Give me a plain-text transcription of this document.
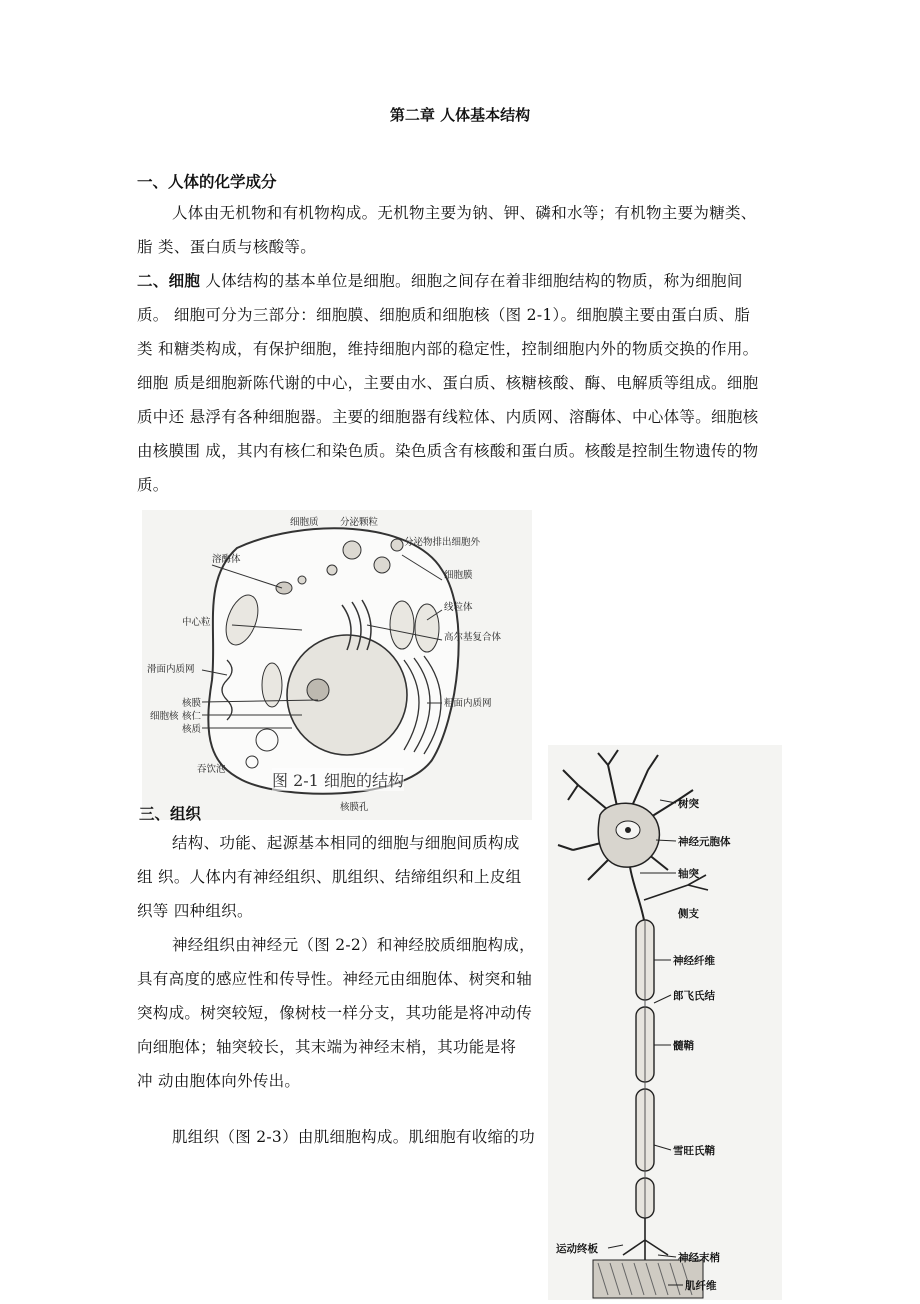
第二章 人体基本结构
一、人体的化学成分
人体由无机物和有机物构成。无机物主要为钠、钾、磷和水等；有机物主要为糖类、
脂 类、蛋白质与核酸等。
二、细胞 人体结构的基本单位是细胞。细胞之间存在着非细胞结构的物质，称为细胞间
质。 细胞可分为三部分：细胞膜、细胞质和细胞核（图 2-1）。细胞膜主要由蛋白质、脂
类 和糖类构成，有保护细胞，维持细胞内部的稳定性，控制细胞内外的物质交换的作用。
细胞 质是细胞新陈代谢的中心，主要由水、蛋白质、核糖核酸、酶、电解质等组成。细胞
质中还 悬浮有各种细胞器。主要的细胞器有线粒体、内质网、溶酶体、中心体等。细胞核
由核膜围 成，其内有核仁和染色质。染色质含有核酸和蛋白质。核酸是控制生物遗传的物
质。
细胞质 分泌颗粒
分泌物排出细胞外
溶酶体
细胞膜
线粒体
中心粒
高尔基复合体
滑面内质网
粗面内质网
核膜
核仁
核质
细胞核
吞饮泡
核膜孔
图 2-1 细胞的结构
三、组织
结构、功能、起源基本相同的细胞与细胞间质构成
组 织。人体内有神经组织、肌组织、结缔组织和上皮组
织等 四种组织。
神经组织由神经元（图 2-2）和神经胶质细胞构成，
具有高度的感应性和传导性。神经元由细胞体、树突和轴
突构成。树突较短，像树枝一样分支，其功能是将冲动传
向细胞体；轴突较长，其末端为神经末梢，其功能是将
冲 动由胞体向外传出。
肌组织（图 2-3）由肌细胞构成。肌细胞有收缩的功
树突
神经元胞体
轴突
侧支
神经纤维
郎飞氏结
髓鞘
雪旺氏鞘
运动终板
神经末梢
肌纤维
